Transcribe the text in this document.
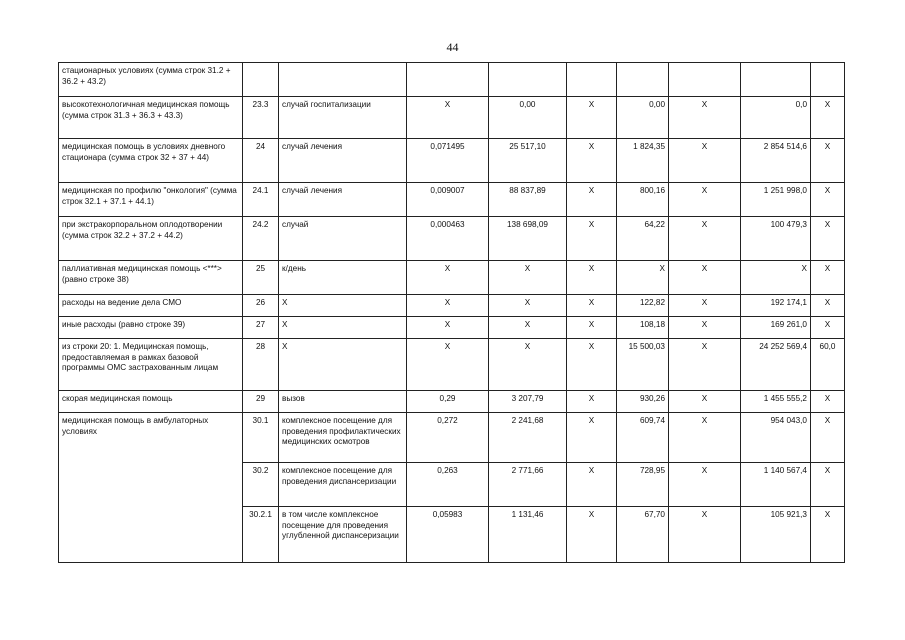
44
стационарных условиях (сумма строк 31.2 + 36.2 + 43.2)									
высокотехнологичная медицинская помощь (сумма строк 31.3 + 36.3 + 43.3)	23.3	случай госпитализации	Х	0,00	Х	0,00	Х	0,0	Х
медицинская помощь в условиях дневного стационара (сумма строк 32 + 37 + 44)	24	случай лечения	0,071495	25 517,10	Х	1 824,35	Х	2 854 514,6	Х
медицинская по профилю "онкология" (сумма строк 32.1 + 37.1 + 44.1)	24.1	случай лечения	0,009007	88 837,89	Х	800,16	Х	1 251 998,0	Х
при экстракорпоральном оплодотворении (сумма строк 32.2 + 37.2 + 44.2)	24.2	случай	0,000463	138 698,09	Х	64,22	Х	100 479,3	Х
паллиативная медицинская помощь <***> (равно строке 38)	25	к/день	Х	Х	Х	Х	Х	Х	Х
расходы на ведение дела СМО	26	Х	Х	Х	Х	122,82	Х	192 174,1	Х
иные расходы (равно строке 39)	27	Х	Х	Х	Х	108,18	Х	169 261,0	Х
из строки 20: 1. Медицинская помощь, предоставляемая в рамках базовой программы ОМС застрахованным лицам	28	Х	Х	Х	Х	15 500,03	Х	24 252 569,4	60,0
скорая медицинская помощь	29	вызов	0,29	3 207,79	Х	930,26	Х	1 455 555,2	Х
медицинская помощь в амбулаторных условиях	30.1	комплексное посещение для проведения профилактических медицинских осмотров	0,272	2 241,68	Х	609,74	Х	954 043,0	Х
	30.2	комплексное посещение для проведения диспансеризации	0,263	2 771,66	Х	728,95	Х	1 140 567,4	Х
	30.2.1	в том числе комплексное посещение для проведения углубленной диспансеризации	0,05983	1 131,46	Х	67,70	Х	105 921,3	Х
